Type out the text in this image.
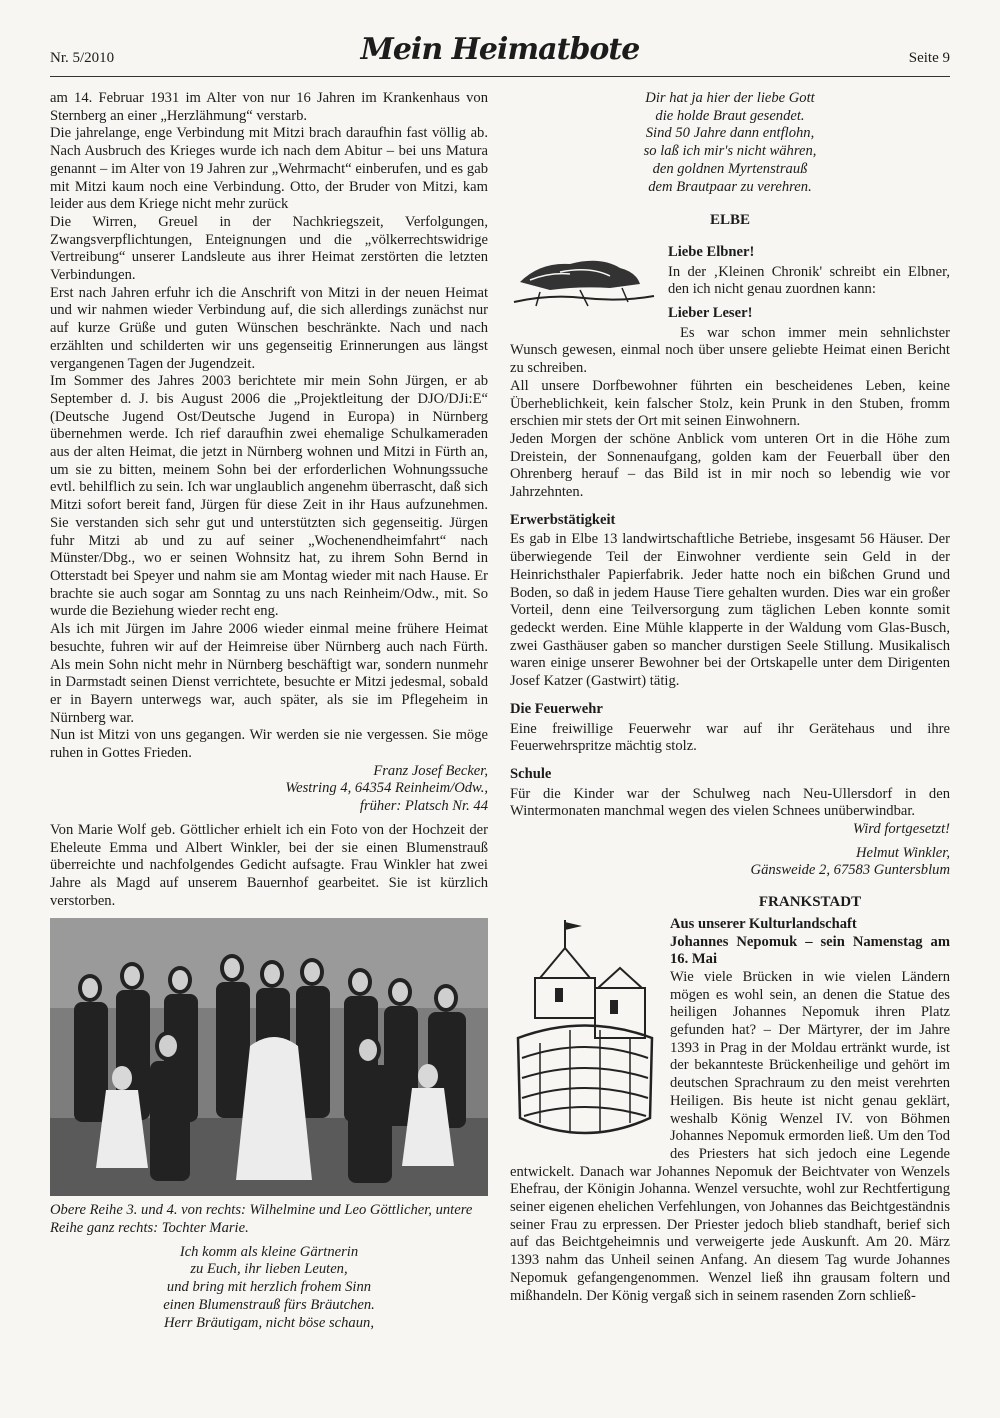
Nr. 5/2010	Mein Heimatbote	Seite 9

am 14. Februar 1931 im Alter von nur 16 Jahren im Krankenhaus von Sternberg an einer „Herzlähmung“ verstarb.

Die jahrelange, enge Verbindung mit Mitzi brach daraufhin fast völlig ab. Nach Ausbruch des Krieges wurde ich nach dem Abitur – bei uns Matura genannt – im Alter von 19 Jahren zur „Wehrmacht“ einberufen, und es gab mit Mitzi kaum noch eine Verbindung. Otto, der Bruder von Mitzi, kam leider aus dem Kriege nicht mehr zurück

Die Wirren, Greuel in der Nachkriegszeit, Verfolgungen, Zwangsverpflichtungen, Enteignungen und die „völkerrechtswidrige Vertreibung“ unserer Landsleute aus ihrer Heimat zerstörten die letzten Verbindungen.

Erst nach Jahren erfuhr ich die Anschrift von Mitzi in der neuen Heimat und wir nahmen wieder Verbindung auf, die sich allerdings zunächst nur auf kurze Grüße und guten Wünschen beschränkte. Nach und nach erzählten und schilderten wir uns gegenseitig Erinnerungen aus längst vergangenen Tagen der Jugendzeit.

Im Sommer des Jahres 2003 berichtete mir mein Sohn Jürgen, er ab September d. J. bis August 2006 die „Projektleitung der DJO/DJi:E“ (Deutsche Jugend Ost/Deutsche Jugend in Europa) in Nürnberg übernehmen werde. Ich rief daraufhin zwei ehemalige Schulkameraden aus der alten Heimat, die jetzt in Nürnberg wohnen und Mitzi in Fürth an, um sie zu bitten, meinem Sohn bei der erforderlichen Wohnungssuche evtl. behilflich zu sein. Ich war unglaublich angenehm überrascht, daß sich Mitzi sofort bereit fand, Jürgen für diese Zeit in ihr Haus aufzunehmen. Sie verstanden sich sehr gut und unterstützten sich gegenseitig. Jürgen fuhr Mitzi ab und zu auf seiner „Wochenendheimfahrt“ nach Münster/Dbg., wo er seinen Wohnsitz hat, zu ihrem Sohn Bernd in Otterstadt bei Speyer und nahm sie am Montag wieder mit nach Hause. Er brachte sie auch sogar am Sonntag zu uns nach Reinheim/Odw., mit. So wurde die Beziehung wieder recht eng.

Als ich mit Jürgen im Jahre 2006 wieder einmal meine frühere Heimat besuchte, fuhren wir auf der Heimreise über Nürnberg auch nach Fürth. Als mein Sohn nicht mehr in Nürnberg beschäftigt war, sondern nunmehr in Darmstadt seinen Dienst verrichtete, besuchte er Mitzi jedesmal, sobald er in Bayern unterwegs war, auch später, als sie im Pflegeheim in Nürnberg war.

Nun ist Mitzi von uns gegangen. Wir werden sie nie vergessen. Sie möge ruhen in Gottes Frieden.

Franz Josef Becker,

Westring 4, 64354 Reinheim/Odw.,

früher: Platsch Nr. 44

Von Marie Wolf geb. Göttlicher erhielt ich ein Foto von der Hochzeit der Eheleute Emma und Albert Winkler, bei der sie einen Blumenstrauß überreichte und nachfolgendes Gedicht aufsagte. Frau Winkler hat zwei Jahre als Magd auf unserem Bauernhof gearbeitet. Sie ist kürzlich verstorben.

Obere Reihe 3. und 4. von rechts: Wilhelmine und Leo Göttlicher, untere Reihe ganz rechts: Tochter Marie.

Ich komm als kleine Gärtnerin

zu Euch, ihr lieben Leuten,

und bring mit herzlich frohem Sinn

einen Blumenstrauß fürs Bräutchen.

Herr Bräutigam, nicht böse schaun,

Dir hat ja hier der liebe Gott

die holde Braut gesendet.

Sind 50 Jahre dann entflohn,

so laß ich mir's nicht währen,

den goldnen Myrtenstrauß

dem Brautpaar zu verehren.

ELBE
Liebe Elbner!

In der ‚Kleinen Chronik' schreibt ein Elbner, den ich nicht genau zuordnen kann:

Lieber Leser!

Es war schon immer mein sehnlichster Wunsch gewesen, einmal noch über unsere geliebte Heimat einen Bericht zu schreiben.

All unsere Dorfbewohner führten ein bescheidenes Leben, keine Überheblichkeit, kein falscher Stolz, kein Prunk in den Stuben, fromm erschien mir stets der Ort mit seinen Einwohnern.

Jeden Morgen der schöne Anblick vom unteren Ort in die Höhe zum Dreistein, der Sonnenaufgang, golden kam der Feuerball über den Ohrenberg herauf – das Bild ist in mir noch so lebendig wie vor Jahrzehnten.

Erwerbstätigkeit

Es gab in Elbe 13 landwirtschaftliche Betriebe, insgesamt 56 Häuser. Der überwiegende Teil der Einwohner verdiente sein Geld in der Heinrichsthaler Papierfabrik. Jeder hatte noch ein bißchen Grund und Boden, so daß in jedem Hause Tiere gehalten wurden. Dies war ein großer Vorteil, denn eine Teilversorgung zum täglichen Leben konnte somit gedeckt werden. Eine Mühle klapperte in der Waldung vom Glas-Busch, zwei Gasthäuser gaben so mancher durstigen Seele Stillung. Musikalisch waren einige unserer Bewohner bei der Ortskapelle unter dem Dirigenten Josef Katzer (Gastwirt) tätig.

Die Feuerwehr

Eine freiwillige Feuerwehr war auf ihr Gerätehaus und ihre Feuerwehrspritze mächtig stolz.

Schule

Für die Kinder war der Schulweg nach Neu-Ullersdorf in den Wintermonaten manchmal wegen des vielen Schnees unüberwindbar.

Wird fortgesetzt!

Helmut Winkler,

Gänsweide 2, 67583 Guntersblum

FRANKSTADT
Aus unserer Kulturlandschaft
Johannes Nepomuk – sein Namenstag am 16. Mai

Wie viele Brücken in wie vielen Ländern mögen es wohl sein, an denen die Statue des heiligen Johannes Nepomuk ihren Platz gefunden hat? – Der Märtyrer, der im Jahre 1393 in Prag in der Moldau ertränkt wurde, ist der bekannteste Brückenheilige und gehört im deutschen Sprachraum zu den meist verehrten Heiligen. Bis heute ist nicht genau geklärt, weshalb König Wenzel IV. von Böhmen Johannes Nepomuk ermorden ließ. Um den Tod des Priesters hat sich jedoch eine Legende entwickelt. Danach war Johannes Nepomuk der Beichtvater von Wenzels Ehefrau, der Königin Johanna. Wenzel versuchte, wohl zur Rechtfertigung seiner eigenen ehelichen Verfehlungen, von Johannes das Beichtgeständnis seiner Frau zu erpressen. Der Priester jedoch blieb standhaft, berief sich auf das Beichtgeheimnis und verweigerte jede Auskunft. Am 20. März 1393 nahm das Unheil seinen Anfang. An diesem Tag wurde Johannes Nepomuk gefangengenommen. Wenzel ließ ihn grausam foltern und mißhandeln. Der König vergaß sich in seinem rasenden Zorn schließ-
